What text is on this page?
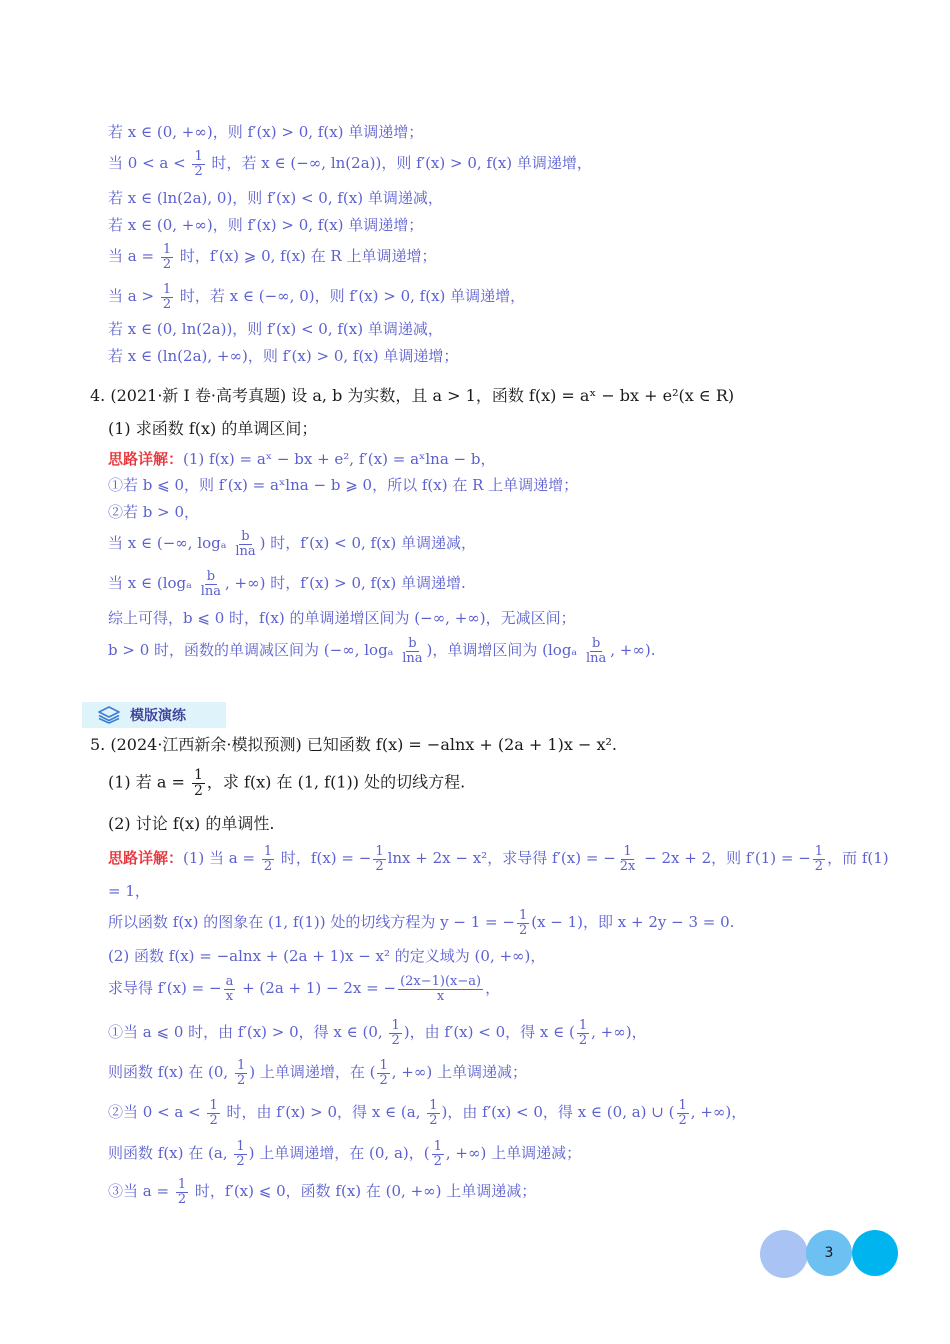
若 x ∈ (0, +∞)，则 f′(x) > 0, f(x) 单调递增；
当 $0 < a < \frac{1}{2}$ 时，若 x ∈ (−∞, ln(2a))，则 f′(x) > 0, f(x) 单调递增，
若 x ∈ (ln(2a), 0)，则 f′(x) < 0, f(x) 单调递减，
若 x ∈ (0, +∞)，则 f′(x) > 0, f(x) 单调递增；
当 $a = \frac{1}{2}$ 时，f′(x) ⩾ 0, f(x) 在 R 上单调递增；
当 $a > \frac{1}{2}$ 时，若 x ∈ (−∞, 0)，则 f′(x) > 0, f(x) 单调递增，
若 x ∈ (0, ln(2a))，则 f′(x) < 0, f(x) 单调递减，
若 x ∈ (ln(2a), +∞)，则 f′(x) > 0, f(x) 单调递增；
4. (2021·新 Ⅰ 卷·高考真题) 设 a, b 为实数，且 a > 1，函数 f(x) = aˣ − bx + e²(x ∈ R)
(1) 求函数 f(x) 的单调区间；
思路详解：(1) f(x) = aˣ − bx + e², f′(x) = aˣlna − b，
①若 b ⩽ 0，则 f′(x) = aˣlna − b ⩾ 0，所以 f(x) 在 R 上单调递增；
②若 b > 0，
当 x ∈ (−∞, logₐ $\frac{b}{\ln a}$ ) 时，f′(x) < 0, f(x) 单调递减，
当 x ∈ ($\log_a \frac{b}{\ln a}$ , +∞) 时，f′(x) > 0, f(x) 单调递增.
综上可得，b ⩽ 0 时，f(x) 的单调递增区间为 (−∞, +∞)，无减区间；
b > 0 时，函数的单调减区间为 (−∞, logₐ $\frac{b}{\ln a}$ )，单调增区间为 ($\log_a \frac{b}{\ln a}$ , +∞).
模版演练
5. (2024·江西新余·模拟预测) 已知函数 f(x) = −alnx + (2a + 1)x − x².
(1) 若 $a = \frac{1}{2}$ ，求 f(x) 在 (1, f(1)) 处的切线方程.
(2) 讨论 f(x) 的单调性.
思路详解：(1) 当 $a = \frac{1}{2}$ 时，f(x) = − $\frac{1}{2}$ lnx + 2x − x²，求导得 f′(x) = − $\frac{1}{2x} - 2x + 2$，则 f′(1) = − $\frac{1}{2}$ ，而 f(1)
= 1，
所以函数 f(x) 的图象在 (1, f(1)) 处的切线方程为 y − 1 = − $\frac{1}{2} (x - 1)$，即 x + 2y − 3 = 0.
(2) 函数 f(x) = −alnx + (2a + 1)x − x² 的定义域为 (0, +∞)，
求导得 f′(x) = − $\frac{a}{x} + (2a + 1) - 2x$ = − $\frac{(2x-1)(x-a)}{x}$ ，
①当 a ⩽ 0 时，由 f′(x) > 0，得 x ∈ (0, $\frac{1}{2}$ )，由 f′(x) < 0，得 x ∈ ( $\frac{1}{2}$ , +∞)，
则函数 f(x) 在 (0, $\frac{1}{2}$ ) 上单调递增，在 ( $\frac{1}{2}$ , +∞) 上单调递减；
②当 $0 < a < \frac{1}{2}$ 时，由 f′(x) > 0，得 x ∈ (a, $\frac{1}{2}$ )，由 f′(x) < 0，得 x ∈ (0, a) ∪ ( $\frac{1}{2}$ , +∞)，
则函数 f(x) 在 (a, $\frac{1}{2}$ ) 上单调递增，在 (0, a)，( $\frac{1}{2}$ , +∞) 上单调递减；
③当 $a = \frac{1}{2}$ 时，f′(x) ⩽ 0，函数 f(x) 在 (0, +∞) 上单调递减；
3
